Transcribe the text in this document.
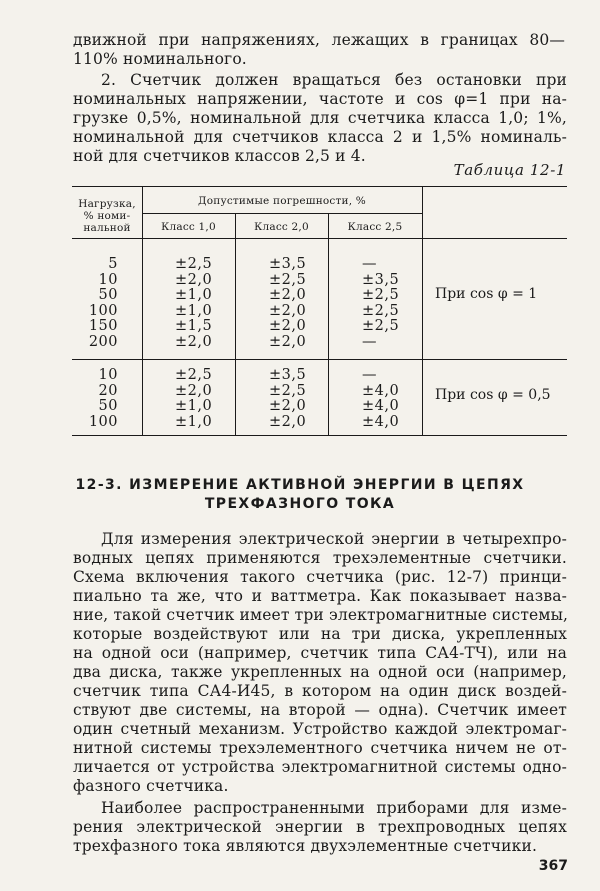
движной при напряжениях, лежащих в границах 80—
110% номинального.
2. Счетчик должен вращаться без остановки при
номинальных напряжении, частоте и cos φ=1 при на-
грузке 0,5%, номинальной для счетчика класса 1,0; 1%,
номинальной для счетчиков класса 2 и 1,5% номиналь-
ной для счетчиков классов 2,5 и 4.
Таблица 12-1
Нагрузка, % номи-нальной
Допустимые погрешности, %
Класс 1,0	Класс 2,0	Класс 2,5
5
10
50
100
150
200
±2,5
±2,0
±1,0
±1,0
±1,5
±2,0
±3,5
±2,5
±2,0
±2,0
±2,0
±2,0
—
±3,5
±2,5
±2,5
±2,5
—
При cos φ = 1
10
20
50
100
±2,5
±2,0
±1,0
±1,0
±3,5
±2,5
±2,0
±2,0
—
±4,0
±4,0
±4,0
При cos φ = 0,5
12-3. ИЗМЕРЕНИЕ АКТИВНОЙ ЭНЕРГИИ В ЦЕПЯХ
ТРЕХФАЗНОГО ТОКА
Для измерения электрической энергии в четырехпро-
водных цепях применяются трехэлементные счетчики.
Схема включения такого счетчика (рис. 12-7) принци-
пиально та же, что и ваттметра. Как показывает назва-
ние, такой счетчик имеет три электромагнитные системы,
которые воздействуют или на три диска, укрепленных
на одной оси (например, счетчик типа СА4-ТЧ), или на
два диска, также укрепленных на одной оси (например,
счетчик типа СА4-И45, в котором на один диск воздей-
ствуют две системы, на второй — одна). Счетчик имеет
один счетный механизм. Устройство каждой электромаг-
нитной системы трехэлементного счетчика ничем не от-
личается от устройства электромагнитной системы одно-
фазного счетчика.
Наиболее распространенными приборами для изме-
рения электрической энергии в трехпроводных цепях
трехфазного тока являются двухэлементные счетчики.
367
